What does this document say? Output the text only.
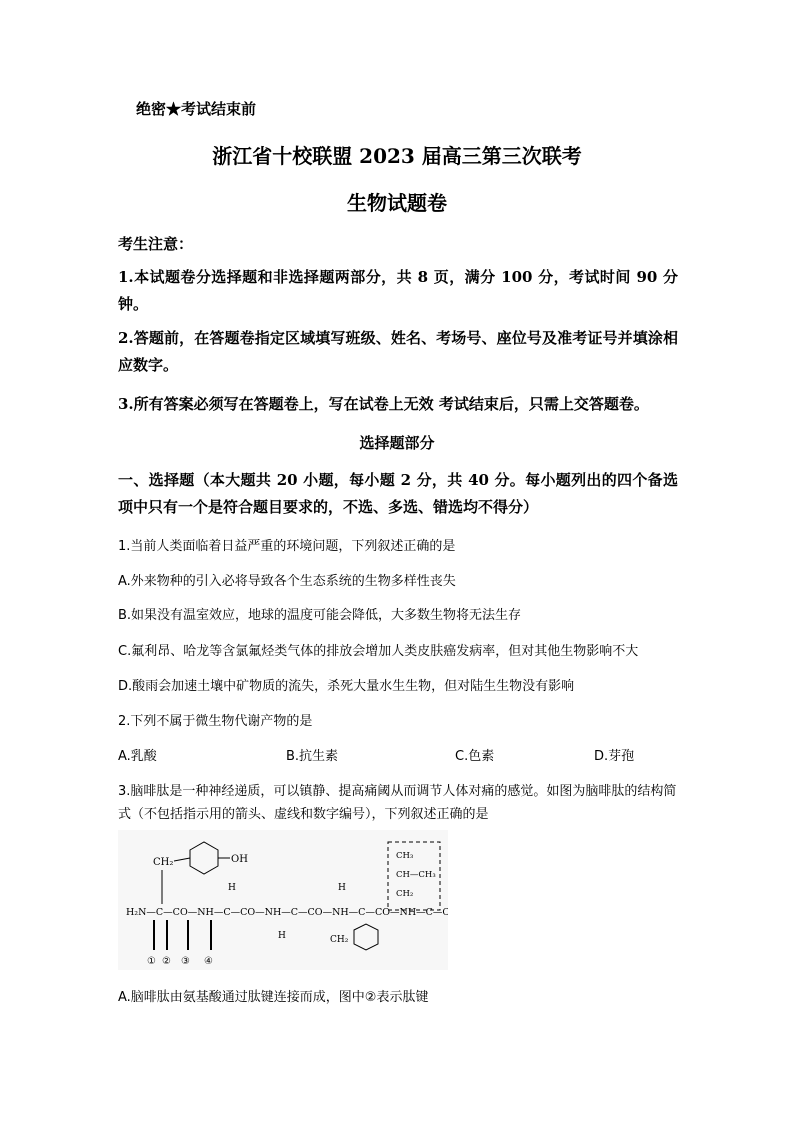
绝密★考试结束前
浙江省十校联盟 2023 届高三第三次联考
生物试题卷
考生注意：
1.本试题卷分选择题和非选择题两部分，共 8 页，满分 100 分，考试时间 90 分钟。
2.答题前，在答题卷指定区域填写班级、姓名、考场号、座位号及准考证号并填涂相应数字。
3.所有答案必须写在答题卷上，写在试卷上无效 考试结束后，只需上交答题卷。
选择题部分
一、选择题（本大题共 20 小题，每小题 2 分，共 40 分。每小题列出的四个备选项中只有一个是符合题目要求的，不选、多选、错选均不得分）
1.当前人类面临着日益严重的环境问题，下列叙述正确的是
A.外来物种的引入必将导致各个生态系统的生物多样性丧失
B.如果没有温室效应，地球的温度可能会降低，大多数生物将无法生存
C.氟利昂、哈龙等含氯氟烃类气体的排放会增加人类皮肤癌发病率，但对其他生物影响不大
D.酸雨会加速土壤中矿物质的流失，杀死大量水生生物，但对陆生生物没有影响
2.下列不属于微生物代谢产物的是
A.乳酸	B.抗生素	C.色素	D.芽孢
3.脑啡肽是一种神经递质，可以镇静、提高痛阈从而调节人体对痛的感觉。如图为脑啡肽的结构简式（不包括指示用的箭头、虚线和数字编号），下列叙述正确的是
CH₂	OH
H₂N—C—CO—NH—C—CO—NH—C—CO—NH—C—CO—NH—C—COOH
H
H
H
CH₂
CH₃
CH—CH₃
CH₂
① ② ③ ④
A.脑啡肽由氨基酸通过肽键连接而成，图中②表示肽键
